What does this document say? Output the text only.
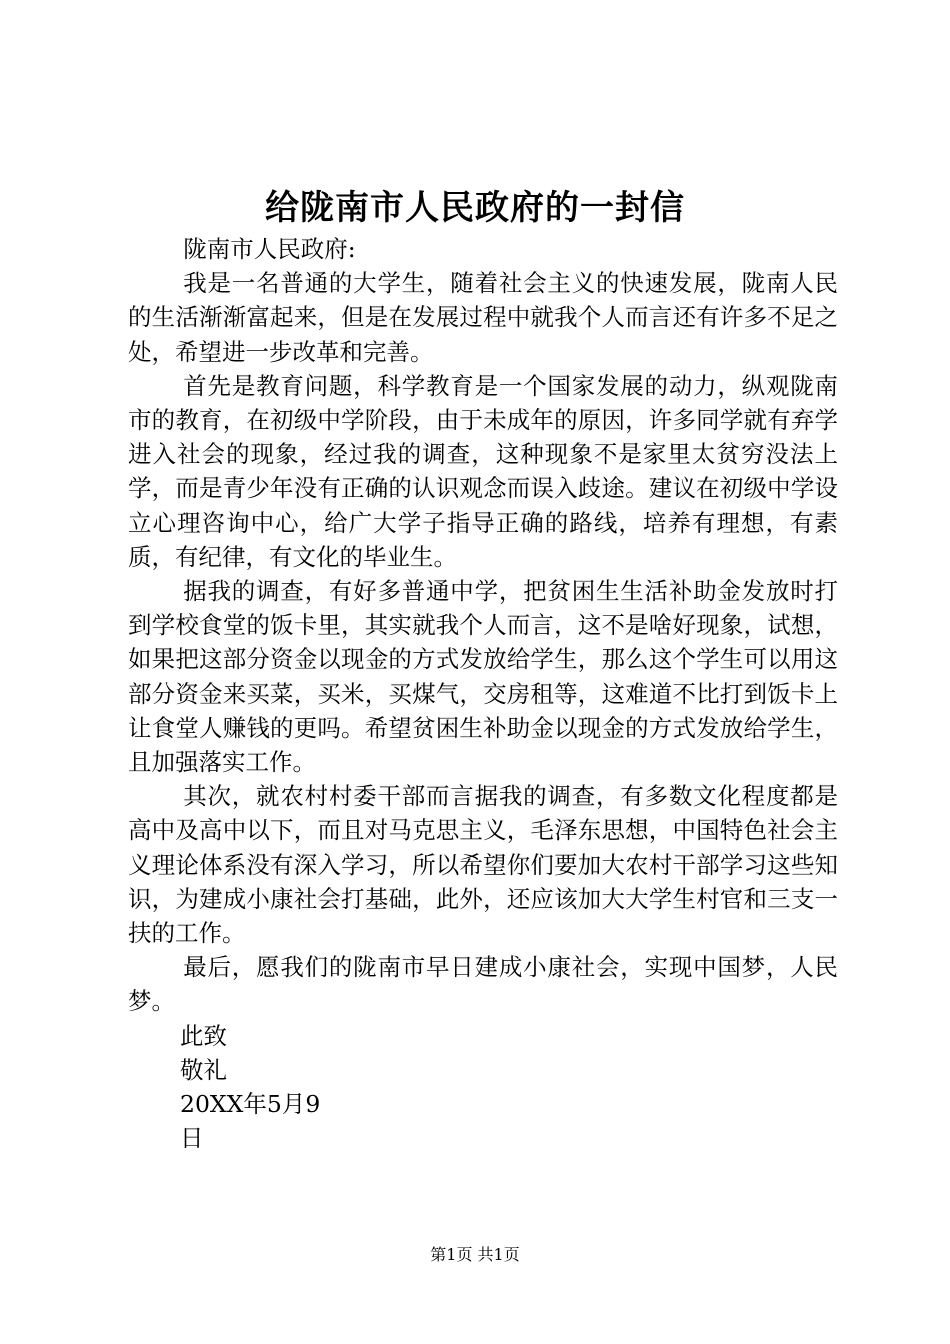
给陇南市人民政府的一封信

陇南市人民政府:

我是一名普通的大学生，随着社会主义的快速发展，陇南人民的生活渐渐富起来，但是在发展过程中就我个人而言还有许多不足之处，希望进一步改革和完善。

首先是教育问题，科学教育是一个国家发展的动力，纵观陇南市的教育，在初级中学阶段，由于未成年的原因，许多同学就有弃学进入社会的现象，经过我的调查，这种现象不是家里太贫穷没法上学，而是青少年没有正确的认识观念而误入歧途。建议在初级中学设立心理咨询中心，给广大学子指导正确的路线，培养有理想，有素质，有纪律，有文化的毕业生。

据我的调查，有好多普通中学，把贫困生生活补助金发放时打到学校食堂的饭卡里，其实就我个人而言，这不是啥好现象，试想，如果把这部分资金以现金的方式发放给学生，那么这个学生可以用这部分资金来买菜，买米，买煤气，交房租等，这难道不比打到饭卡上让食堂人赚钱的更吗。希望贫困生补助金以现金的方式发放给学生，且加强落实工作。

其次，就农村村委干部而言据我的调查，有多数文化程度都是高中及高中以下，而且对马克思主义，毛泽东思想，中国特色社会主义理论体系没有深入学习，所以希望你们要加大农村干部学习这些知识，为建成小康社会打基础，此外，还应该加大大学生村官和三支一扶的工作。

最后，愿我们的陇南市早日建成小康社会，实现中国梦，人民梦。

此致

敬礼

20XX年5月9日

第1页 共1页
